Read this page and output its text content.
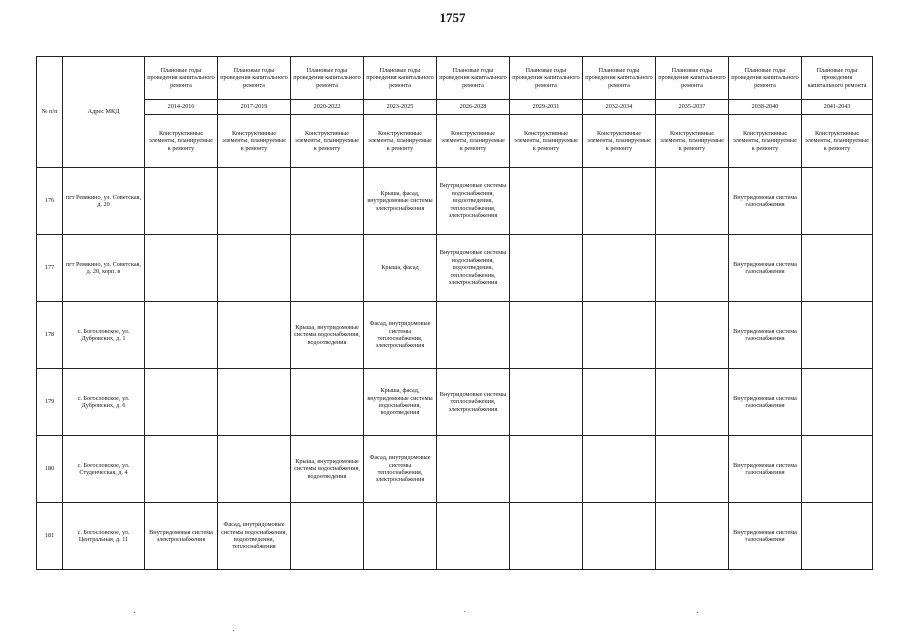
1757
№ п/п	Адрес МКД	Плановые годы проведения капитального ремонта	Плановые годы проведения капитального ремонта	Плановые годы проведения капитального ремонта	Плановые годы проведения капитального ремонта	Плановые годы проведения капитального ремонта	Плановые годы проведения капитального ремонта	Плановые годы проведения капитального ремонта	Плановые годы проведения капитального ремонта	Плановые годы проведения капитального ремонта	Плановые годы проведения капитального ремонта
		2014-2016	2017-2019	2020-2022	2023-2025	2026-2028	2029-2031	2032-2034	2035-2037	2038-2040	2041-2043
		Конструктивные элементы, планируемые к ремонту	Конструктивные элементы, планируемые к ремонту	Конструктивные элементы, планируемые к ремонту	Конструктивные элементы, планируемые к ремонту	Конструктивные элементы, планируемые к ремонту	Конструктивные элементы, планируемые к ремонту	Конструктивные элементы, планируемые к ремонту	Конструктивные элементы, планируемые к ремонту	Конструктивные элементы, планируемые к ремонту	Конструктивные элементы, планируемые к ремонту
176	пгт Ревякино, ул. Советская, д. 20				Крыша, фасад, внутридомовые системы электроснабжения	Внутридомовые системы водоснабжения, водоотведения, теплоснабжения, электроснабжения				Внутридомовая система газоснабжения	
177	пгт Ревякино, ул. Советская, д. 20, корп. в				Крыша, фасад	Внутридомовые системы водоснабжения, водоотведения, теплоснабжения, электроснабжения				Внутридомовая система газоснабжения	
178	с. Богословское, ул. Дубровских, д. 1			Крыша, внутридомовые системы водоснабжения, водоотведения	Фасад, внутридомовые системы теплоснабжения, электроснабжения					Внутридомовая система газоснабжения	
179	с. Богословское, ул. Дубровских, д. 6				Крыша, фасад, внутридомовые системы водоснабжения, водоотведения	Внутридомовые системы теплоснабжения, электроснабжения				Внутридомовая система газоснабжения	
180	с. Богословское, ул. Студенческая, д. 4			Крыша, внутридомовые системы водоснабжения, водоотведения	Фасад, внутридомовые системы теплоснабжения, электроснабжения					Внутридомовая система газоснабжения	
181	с. Богословское, ул. Центральная, д. 11	Внутридомовая система электроснабжения	Фасад, внутридомовые системы водоснабжения, водоотведения, теплоснабжения							Внутридомовая система газоснабжения	
